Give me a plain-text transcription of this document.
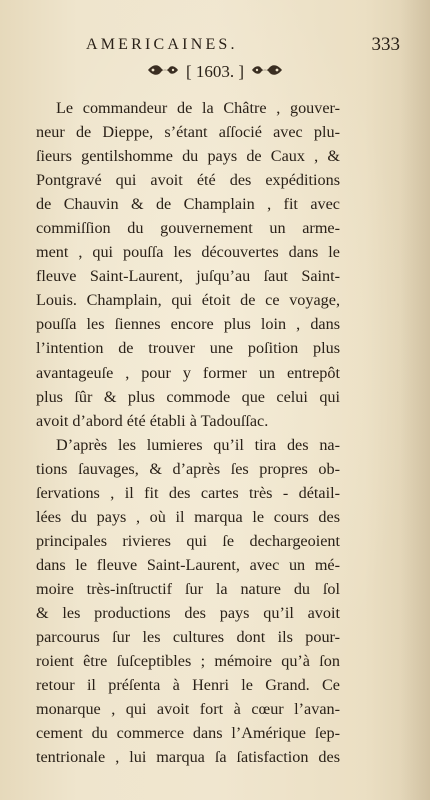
AMERICAINES.	333
[ 1603. ]
Le commandeur de la Châtre , gouver-
neur de Dieppe, s’étant aſſocié avec plu-
ſieurs gentilshomme du pays de Caux , &
Pontgravé qui avoit été des expéditions
de Chauvin & de Champlain , fit avec
commiſſion du gouvernement un arme-
ment , qui pouſſa les découvertes dans le
fleuve Saint-Laurent, juſqu’au ſaut Saint-
Louis. Champlain, qui étoit de ce voyage,
pouſſa les ſiennes encore plus loin , dans
l’intention de trouver une poſition plus
avantageuſe , pour y former un entrepôt
plus ſûr & plus commode que celui qui
avoit d’abord été établi à Tadouſſac.
D’après les lumieres qu’il tira des na-
tions ſauvages, & d’après ſes propres ob-
ſervations , il fit des cartes très - détail-
lées du pays , où il marqua le cours des
principales rivieres qui ſe dechargeoient
dans le fleuve Saint-Laurent, avec un mé-
moire très-inſtructif ſur la nature du ſol
& les productions des pays qu’il avoit
parcourus ſur les cultures dont ils pour-
roient être ſuſceptibles ; mémoire qu’à ſon
retour il préſenta à Henri le Grand. Ce
monarque , qui avoit fort à cœur l’avan-
cement du commerce dans l’Amérique ſep-
tentrionale , lui marqua ſa ſatisfaction des
